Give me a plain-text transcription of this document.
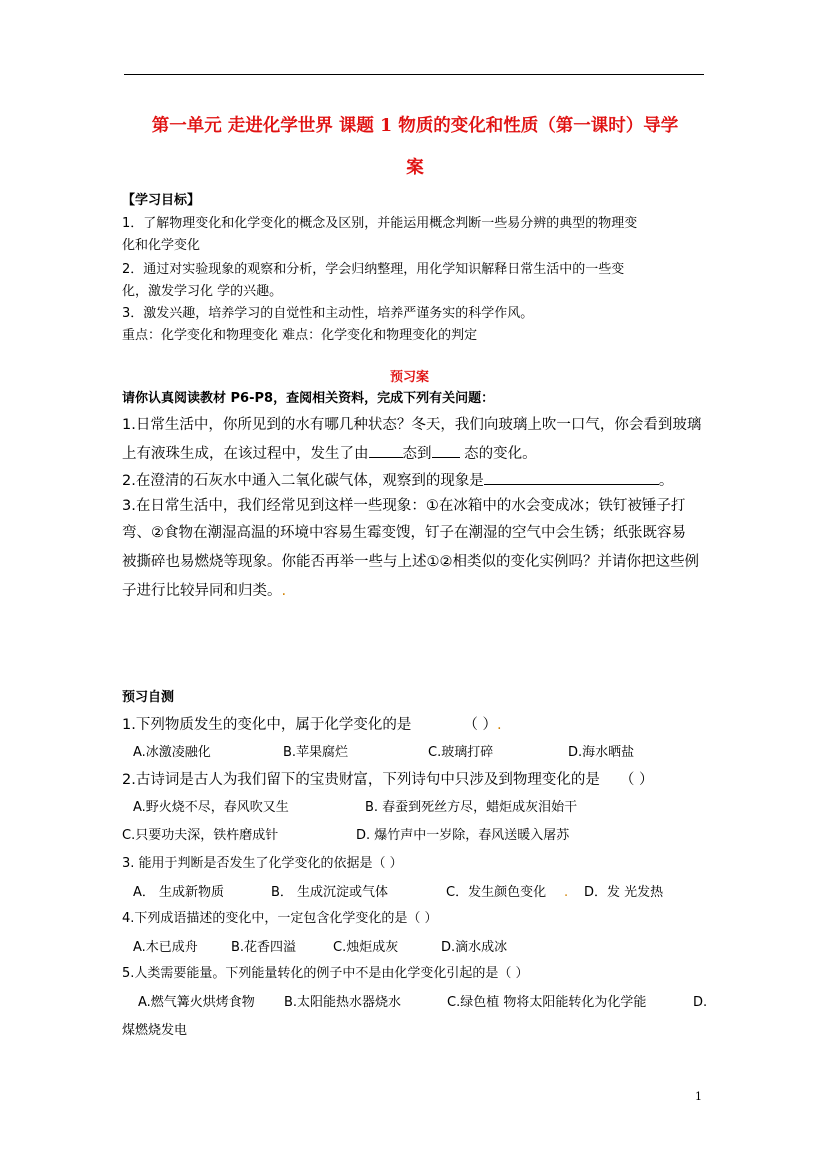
第一单元 走进化学世界 课题 1 物质的变化和性质（第一课时）导学
案
【学习目标】
1．了解物理变化和化学变化的概念及区别，并能运用概念判断一些易分辨的典型的物理变
化和化学变化
2．通过对实验现象的观察和分析，学会归纳整理，用化学知识解释日常生活中的一些变
化，激发学习化 学的兴趣。
3．激发兴趣，培养学习的自觉性和主动性，培养严谨务实的科学作风。
重点：化学变化和物理变化 难点：化学变化和物理变化的判定
预习案
请你认真阅读教材 P6-P8，查阅相关资料，完成下列有关问题：
1.日常生活中，你所见到的水有哪几种状态？冬天，我们向玻璃上吹一口气，你会看到玻璃
上有液珠生成，在该过程中，发生了由 态到 态的变化。
2.在澄清的石灰水中通入二氧化碳气体，观察到的现象是	。
3.在日常生活中，我们经常见到这样一些现象：①在冰箱中的水会变成冰；铁钉被锤子打
弯、②食物在潮湿高温的环境中容易生霉变馊，钉子在潮湿的空气中会生锈；纸张既容易
被撕碎也易燃烧等现象。你能否再举一些与上述①②相类似的变化实例吗？并请你把这些例
子进行比较异同和归类。.
预习自测
1.下列物质发生的变化中，属于化学变化的是	（ ）.
A.冰激凌融化	B.苹果腐烂	C.玻璃打碎	D.海水晒盐
2.古诗词是古人为我们留下的宝贵财富，下列诗句中只涉及到物理变化的是 （ ）
A.野火烧不尽，春风吹又生	B. 春蚕到死丝方尽，蜡炬成灰泪始干
C.只要功夫深，铁杵磨成针	D. 爆竹声中一岁除，春风送暖入屠苏
3. 能用于判断是否发生了化学变化的依据是（ ）
A． 生成新物质	B． 生成沉淀或气体	C．发生颜色变化 . D．发 光发热
4.下列成语描述的变化中，一定包含化学变化的是（ ）
A.木已成舟	B.花香四溢	C.烛炬成灰	D.滴水成冰
5.人类需要能量。下列能量转化的例子中不是由化学变化引起的是（ ）
A.燃气篝火烘烤食物 B.太阳能热水器烧水	C.绿色植 物将太阳能转化为化学能	D.
煤燃烧发电
1
